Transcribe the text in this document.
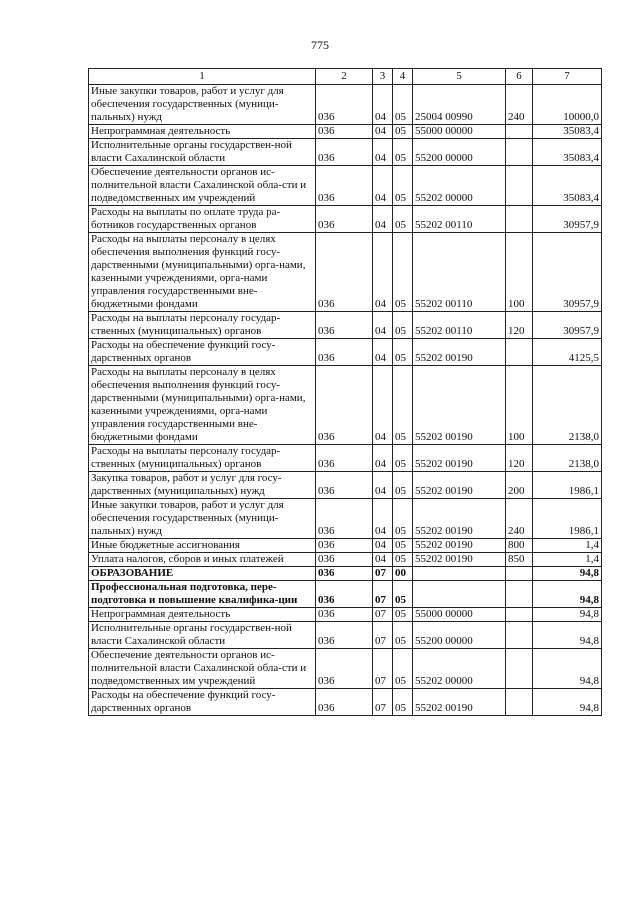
775
1	2	3	4	5	6	7
Иные закупки товаров, работ и услуг для обеспечения государственных (муници-пальных) нужд	036	04	05	25004 00990	240	10000,0
Непрограммная деятельность	036	04	05	55000 00000		35083,4
Исполнительные органы государствен-ной власти Сахалинской области	036	04	05	55200 00000		35083,4
Обеспечение деятельности органов ис-полнительной власти Сахалинской обла-сти и подведомственных им учреждений	036	04	05	55202 00000		35083,4
Расходы на выплаты по оплате труда ра-ботников государственных органов	036	04	05	55202 00110		30957,9
Расходы на выплаты персоналу в целях обеспечения выполнения функций госу-дарственными (муниципальными) орга-нами, казенными учреждениями, орга-нами управления государственными вне-бюджетными фондами	036	04	05	55202 00110	100	30957,9
Расходы на выплаты персоналу государ-ственных (муниципальных) органов	036	04	05	55202 00110	120	30957,9
Расходы на обеспечение функций госу-дарственных органов	036	04	05	55202 00190		4125,5
Расходы на выплаты персоналу в целях обеспечения выполнения функций госу-дарственными (муниципальными) орга-нами, казенными учреждениями, орга-нами управления государственными вне-бюджетными фондами	036	04	05	55202 00190	100	2138,0
Расходы на выплаты персоналу государ-ственных (муниципальных) органов	036	04	05	55202 00190	120	2138,0
Закупка товаров, работ и услуг для госу-дарственных (муниципальных) нужд	036	04	05	55202 00190	200	1986,1
Иные закупки товаров, работ и услуг для обеспечения государственных (муници-пальных) нужд	036	04	05	55202 00190	240	1986,1
Иные бюджетные ассигнования	036	04	05	55202 00190	800	1,4
Уплата налогов, сборов и иных платежей	036	04	05	55202 00190	850	1,4
ОБРАЗОВАНИЕ	036	07	00			94,8
Профессиональная подготовка, пере-подготовка и повышение квалифика-ции	036	07	05			94,8
Непрограммная деятельность	036	07	05	55000 00000		94,8
Исполнительные органы государствен-ной власти Сахалинской области	036	07	05	55200 00000		94,8
Обеспечение деятельности органов ис-полнительной власти Сахалинской обла-сти и подведомственных им учреждений	036	07	05	55202 00000		94,8
Расходы на обеспечение функций госу-дарственных органов	036	07	05	55202 00190		94,8
